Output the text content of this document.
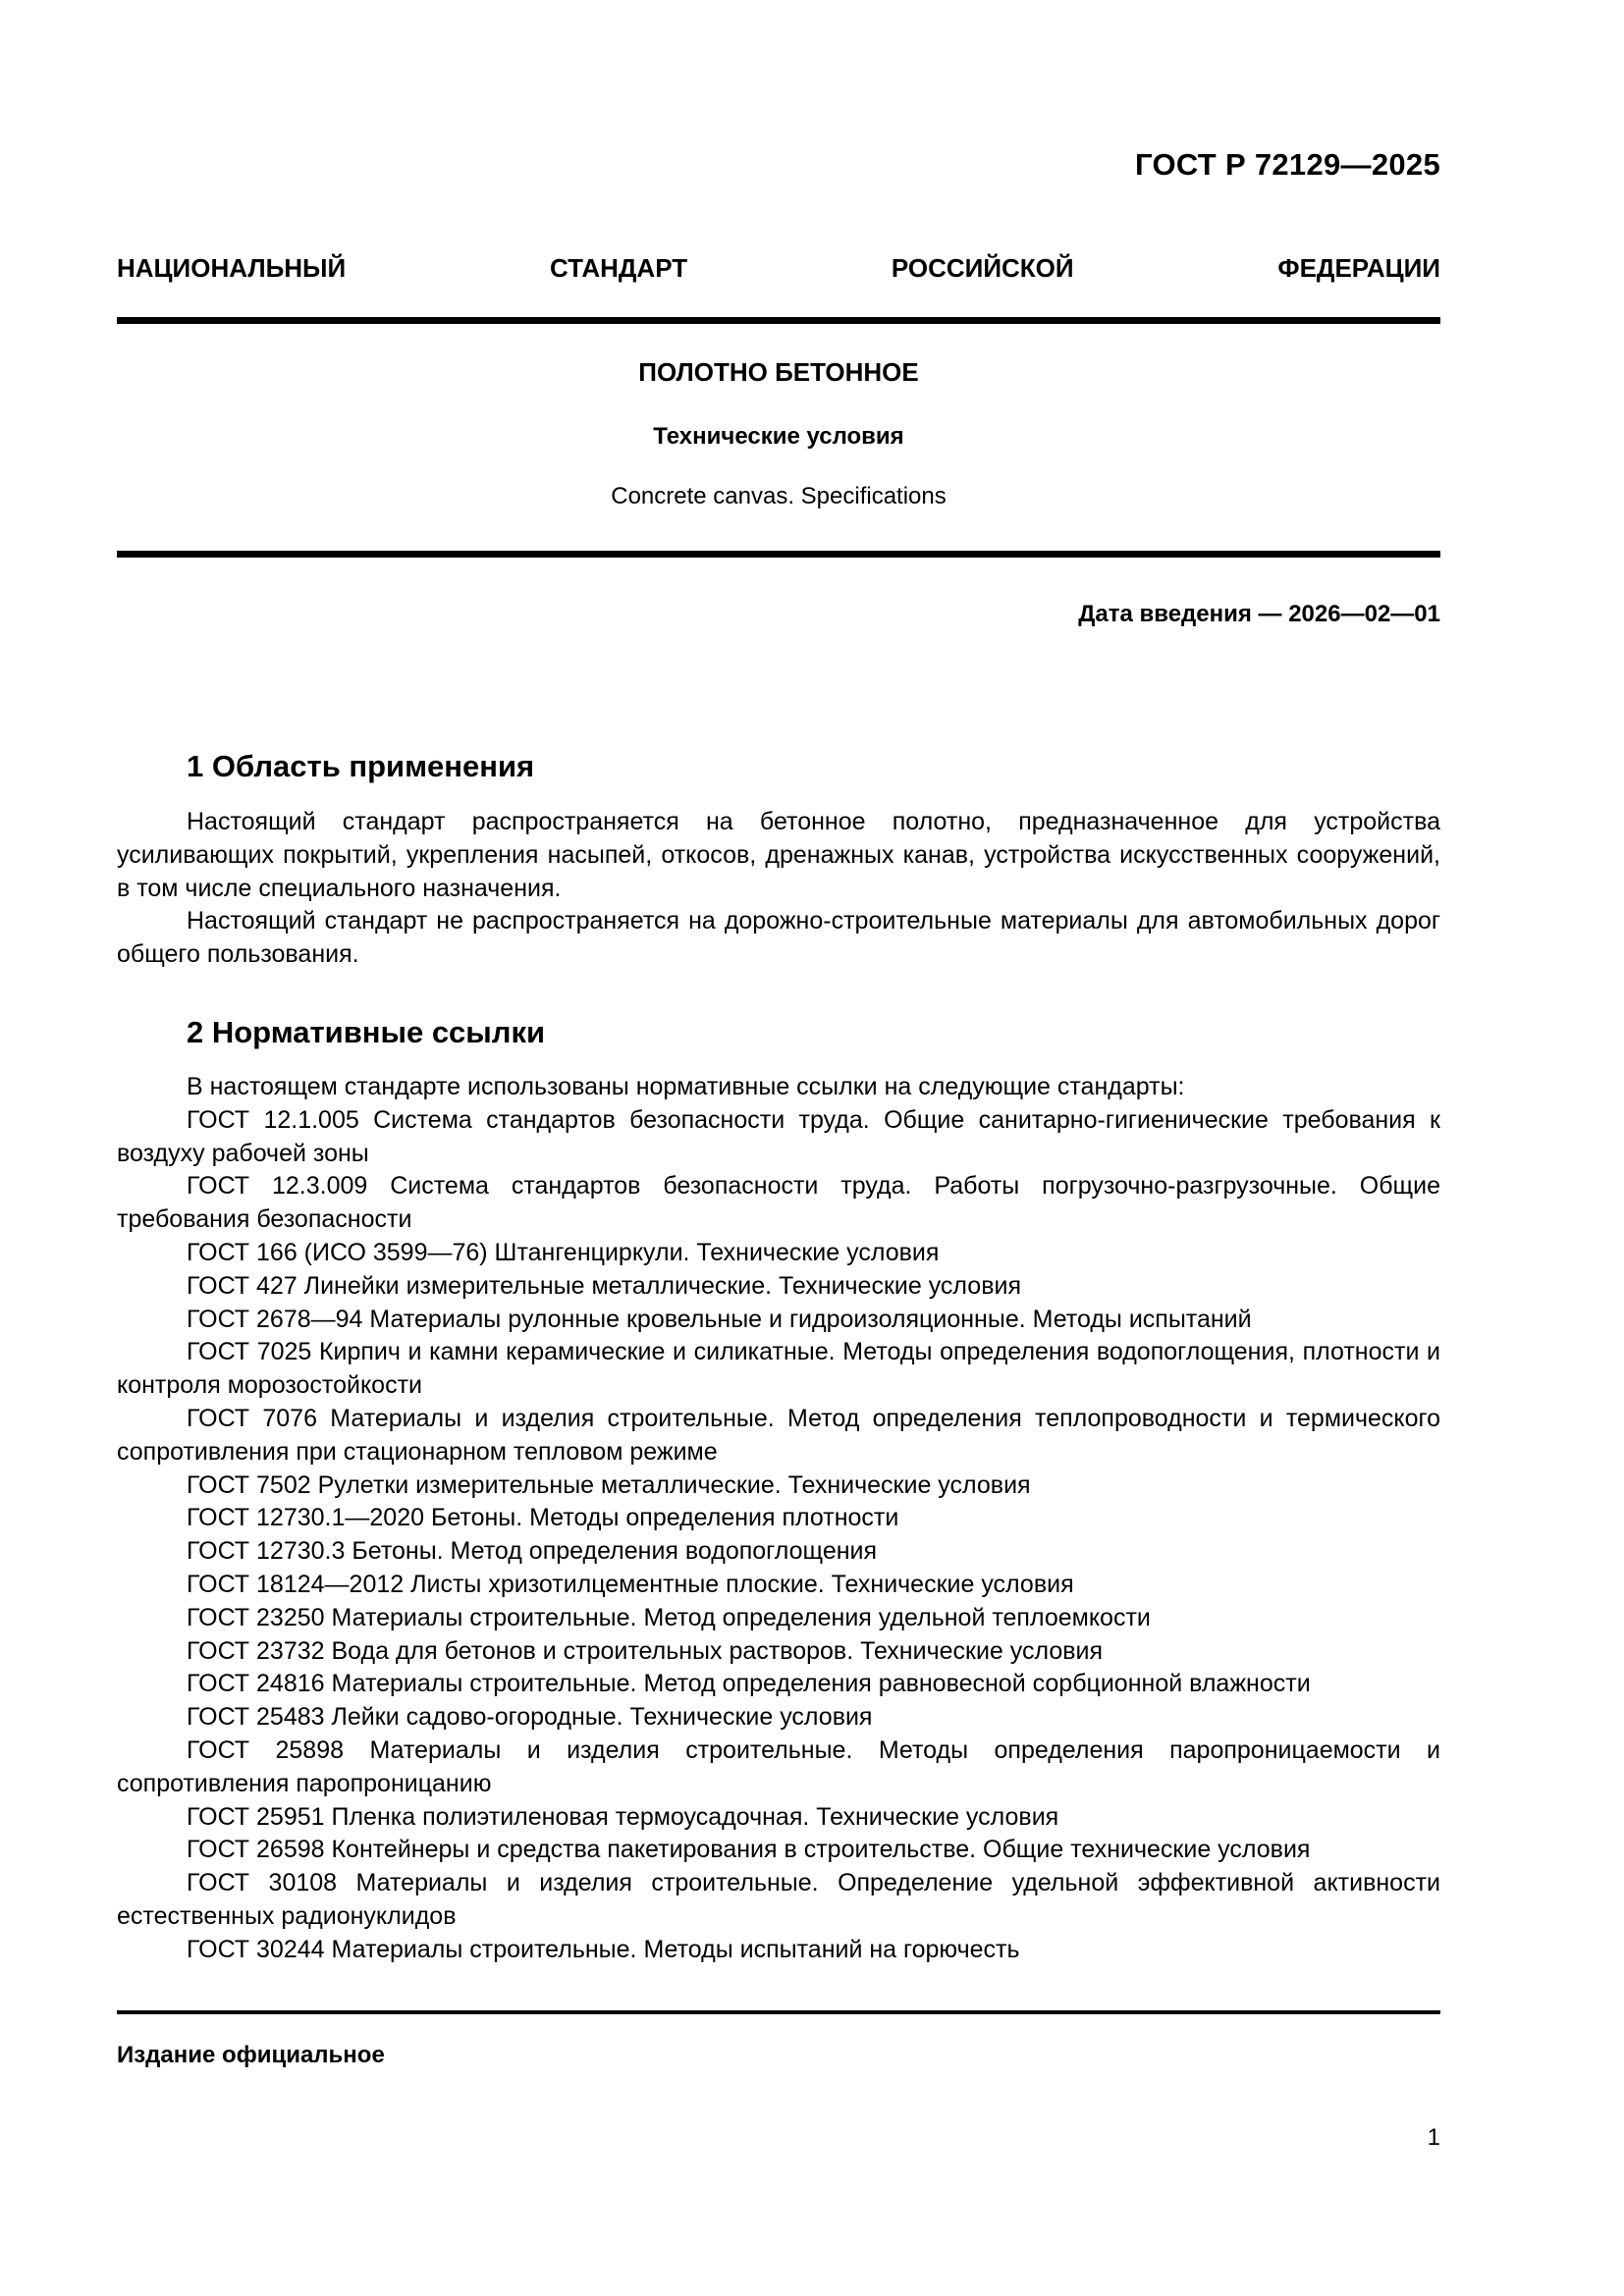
ГОСТ Р 72129—2025
НАЦИОНАЛЬНЫЙ СТАНДАРТ РОССИЙСКОЙ ФЕДЕРАЦИИ
ПОЛОТНО БЕТОННОЕ
Технические условия
Concrete canvas. Specifications
Дата введения — 2026—02—01
1 Область применения

Настоящий стандарт распространяется на бетонное полотно, предназначенное для устройства усиливающих покрытий, укрепления насыпей, откосов, дренажных канав, устройства искусственных сооружений, в том числе специального назначения.

Настоящий стандарт не распространяется на дорожно-строительные материалы для автомобильных дорог общего пользования.

2 Нормативные ссылки

В настоящем стандарте использованы нормативные ссылки на следующие стандарты:

ГОСТ 12.1.005 Система стандартов безопасности труда. Общие санитарно-гигиенические требования к воздуху рабочей зоны

ГОСТ 12.3.009 Система стандартов безопасности труда. Работы погрузочно-разгрузочные. Общие требования безопасности

ГОСТ 166 (ИСО 3599—76) Штангенциркули. Технические условия

ГОСТ 427 Линейки измерительные металлические. Технические условия

ГОСТ 2678—94 Материалы рулонные кровельные и гидроизоляционные. Методы испытаний

ГОСТ 7025 Кирпич и камни керамические и силикатные. Методы определения водопоглощения, плотности и контроля морозостойкости

ГОСТ 7076 Материалы и изделия строительные. Метод определения теплопроводности и термического сопротивления при стационарном тепловом режиме

ГОСТ 7502 Рулетки измерительные металлические. Технические условия

ГОСТ 12730.1—2020 Бетоны. Методы определения плотности

ГОСТ 12730.3 Бетоны. Метод определения водопоглощения

ГОСТ 18124—2012 Листы хризотилцементные плоские. Технические условия

ГОСТ 23250 Материалы строительные. Метод определения удельной теплоемкости

ГОСТ 23732 Вода для бетонов и строительных растворов. Технические условия

ГОСТ 24816 Материалы строительные. Метод определения равновесной сорбционной влажности

ГОСТ 25483 Лейки садово-огородные. Технические условия

ГОСТ 25898 Материалы и изделия строительные. Методы определения паропроницаемости и сопротивления паропроницанию

ГОСТ 25951 Пленка полиэтиленовая термоусадочная. Технические условия

ГОСТ 26598 Контейнеры и средства пакетирования в строительстве. Общие технические условия

ГОСТ 30108 Материалы и изделия строительные. Определение удельной эффективной активности естественных радионуклидов

ГОСТ 30244 Материалы строительные. Методы испытаний на горючесть

Издание официальное
1
